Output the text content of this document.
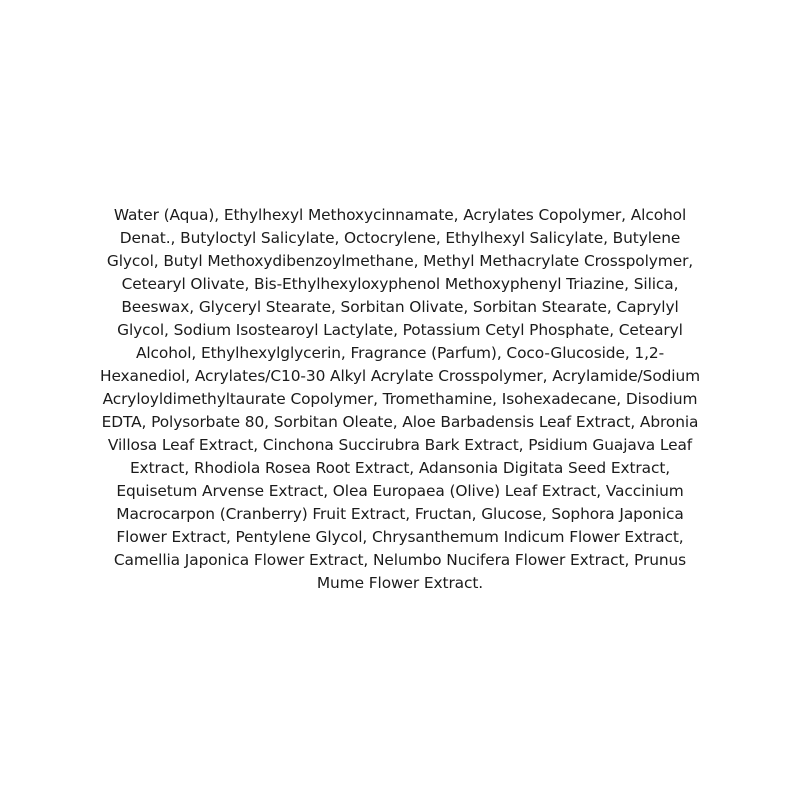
Water (Aqua), Ethylhexyl Methoxycinnamate, Acrylates Copolymer, Alcohol
Denat., Butyloctyl Salicylate, Octocrylene, Ethylhexyl Salicylate, Butylene
Glycol, Butyl Methoxydibenzoylmethane, Methyl Methacrylate Crosspolymer,
Cetearyl Olivate, Bis-Ethylhexyloxyphenol Methoxyphenyl Triazine, Silica,
Beeswax, Glyceryl Stearate, Sorbitan Olivate, Sorbitan Stearate, Caprylyl
Glycol, Sodium Isostearoyl Lactylate, Potassium Cetyl Phosphate, Cetearyl
Alcohol, Ethylhexylglycerin, Fragrance (Parfum), Coco-Glucoside, 1,2-
Hexanediol, Acrylates/C10-30 Alkyl Acrylate Crosspolymer, Acrylamide/Sodium
Acryloyldimethyltaurate Copolymer, Tromethamine, Isohexadecane, Disodium
EDTA, Polysorbate 80, Sorbitan Oleate, Aloe Barbadensis Leaf Extract, Abronia
Villosa Leaf Extract, Cinchona Succirubra Bark Extract, Psidium Guajava Leaf
Extract, Rhodiola Rosea Root Extract, Adansonia Digitata Seed Extract,
Equisetum Arvense Extract, Olea Europaea (Olive) Leaf Extract, Vaccinium
Macrocarpon (Cranberry) Fruit Extract, Fructan, Glucose, Sophora Japonica
Flower Extract, Pentylene Glycol, Chrysanthemum Indicum Flower Extract,
Camellia Japonica Flower Extract, Nelumbo Nucifera Flower Extract, Prunus
Mume Flower Extract.
